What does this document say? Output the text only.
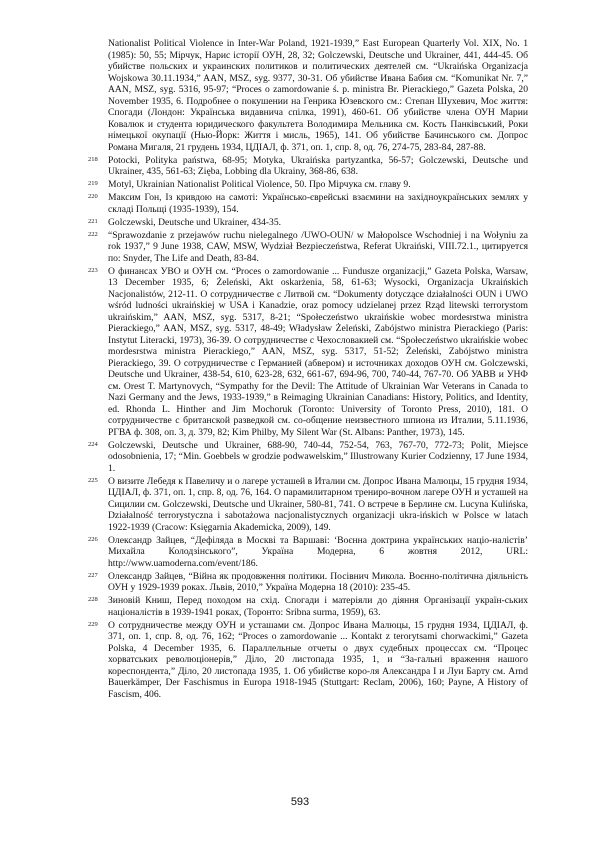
Nationalist Political Violence in Inter-War Poland, 1921-1939,” East European Quarterly Vol. XIX, No. 1 (1985): 50, 55; Мірчук, Нарис історії ОУН, 28, 32; Golczewski, Deutsche und Ukrainer, 441, 444-45. Об убийстве польских и украинских политиков и политических деятелей см. “Ukraińska Organizacja Wojskowa 30.11.1934,” AAN, MSZ, syg. 9377, 30-31. Об убийстве Ивана Бабия см. “Komunikat Nr. 7,” AAN, MSZ, syg. 5316, 95-97; “Proces o zamordowanie ś. p. ministra Br. Pierackiego,” Gazeta Polska, 20 November 1935, 6. Подробнее о покушении на Генрика Юзевского см.: Степан Шухевич, Моє життя: Спогади (Лондон: Українська видавнича спілка, 1991), 460-61. Об убийстве члена ОУН Марии Ковалюк и студента юридического факультета Володимира Мельника см. Кость Панківський, Роки німецької окупації (Нью-Йорк: Життя і мисль, 1965), 141. Об убийстве Бачинського см. Допрос Романа Мигаля, 21 грудень 1934, ЦДІАЛ, ф. 371, оп. 1, спр. 8, од. 76, 274-75, 283-84, 287-88.
218 Potocki, Polityka państwa, 68-95; Motyka, Ukraińska partyzantka, 56-57; Golczewski, Deutsche und Ukrainer, 435, 561-63; Zięba, Lobbing dla Ukrainy, 368-86, 638.
219 Motyl, Ukrainian Nationalist Political Violence, 50. Про Мірчука см. главу 9.
220 Максим Гон, Із кривдою на самоті: Українсько-єврейські взаємини на західноукраїнських землях у складі Польщі (1935-1939), 154.
221 Golczewski, Deutsche und Ukrainer, 434-35.
222 “Sprawozdanie z przejawów ruchu nielegalnego /UWO-OUN/ w Małopolsce Wschodniej i na Wołyniu za rok 1937,” 9 June 1938, CAW, MSW, Wydział Bezpieczeństwa, Referat Ukraiński, VIII.72.1., цитируется по: Snyder, The Life and Death, 83-84.
223 О финансах УВО и ОУН см. “Proces o zamordowanie ... Fundusze organizacji,” Gazeta Polska, Warsaw, 13 December 1935, 6; Żeleński, Akt oskarżenia, 58, 61-63; Wysocki, Organizacja Ukraińskich Nacjonalistów, 212-11. О сотрудничестве с Литвой см. “Dokumenty dotyczące działalności OUN i UWO wśród ludności ukraińskiej w USA i Kanadzie, oraz pomocy udzielanej przez Rząd litewski terrorystom ukraińskim,” AAN, MSZ, syg. 5317, 8-21; “Społeczeństwo ukraińskie wobec mordesrstwa ministra Pierackiego,” AAN, MSZ, syg. 5317, 48-49; Władysław Żeleński, Zabójstwo ministra Pierackiego (Paris: Instytut Literacki, 1973), 36-39. О сотрудничестве с Чехословакией см. “Społeczeństwo ukraińskie wobec mordesrstwa ministra Pierackiego,” AAN, MSZ, syg. 5317, 51-52; Żeleński, Zabójstwo ministra Pierackiego, 39. О сотрудничестве с Германией (абвером) и источниках доходов ОУН см. Golczewski, Deutsche und Ukrainer, 438-54, 610, 623-28, 632, 661-67, 694-96, 700, 740-44, 767-70. Об УАВВ и УНФ см. Orest T. Martynovych, “Sympathy for the Devil: The Attitude of Ukrainian War Veterans in Canada to Nazi Germany and the Jews, 1933-1939,” в Reimaging Ukrainian Canadians: History, Politics, and Identity, ed. Rhonda L. Hinther and Jim Mochoruk (Toronto: University of Toronto Press, 2010), 181. О сотрудничестве с британской разведкой см. со-общение неизвестного шпиона из Италии, 5.11.1936, РГВА ф. 308, оп. 3, д. 379, 82; Kim Philby, My Silent War (St. Albans: Panther, 1973), 145.
224 Golczewski, Deutsche und Ukrainer, 688-90, 740-44, 752-54, 763, 767-70, 772-73; Polit, Miejsce odosobnienia, 17; “Min. Goebbels w grodzie podwawelskim,” Illustrowany Kurier Codzienny, 17 June 1934, 1.
225 О визите Лебедя к Павеличу и о лагере усташей в Италии см. Допрос Ивана Малюцы, 15 грудня 1934, ЦДІАЛ, ф. 371, оп. 1, спр. 8, од. 76, 164. О парамилитарном трениро-вочном лагере ОУН и усташей на Сицилии см. Golczewski, Deutsche und Ukrainer, 580-81, 741. О встрече в Берлине см. Lucyna Kulińska, Działalność terrorystyczna i sabotażowa nacjonalistycznych organizacji ukra-ińskich w Polsce w latach 1922-1939 (Cracow: Księgarnia Akademicka, 2009), 149.
226 Олександр Зайцев, “Дефіляда в Москві та Варшаві: ‘Воєнна доктрина українських націо-налістів’ Михайла Колодзінського”, Україна Модерна, 6 жовтня 2012, URL: http://www.uamoderna.com/event/186.
227 Олександр Зайцев, “Війна як продовження політики. Посівнич Микола. Воєнно-політична діяльність ОУН у 1929-1939 роках. Львів, 2010,” Україна Модерна 18 (2010): 235-45.
228 Зиновій Книш, Перед походом на схід. Спогади і матеріяли до діяння Організації україн-ських націоналістів в 1939-1941 роках, (Торонто: Sribna surma, 1959), 63.
229 О сотрудничестве между ОУН и усташами см. Допрос Ивана Малюцы, 15 грудня 1934, ЦДІАЛ, ф. 371, оп. 1, спр. 8, од. 76, 162; “Proces o zamordowanie ... Kontakt z terorytsami chorwackimi,” Gazeta Polska, 4 December 1935, 6. Параллельные отчеты о двух судебных процессах см. “Процес хорватських революціонерів,” Діло, 20 листопада 1935, 1, и “За-гальні враження нашого кореспондента,” Діло, 20 листопада 1935, 1. Об убийстве коро-ля Александра I и Луи Барту см. Arnd Bauerkämper, Der Faschismus in Europa 1918-1945 (Stuttgart: Reclam, 2006), 160; Payne, A History of Fascism, 406.
593
